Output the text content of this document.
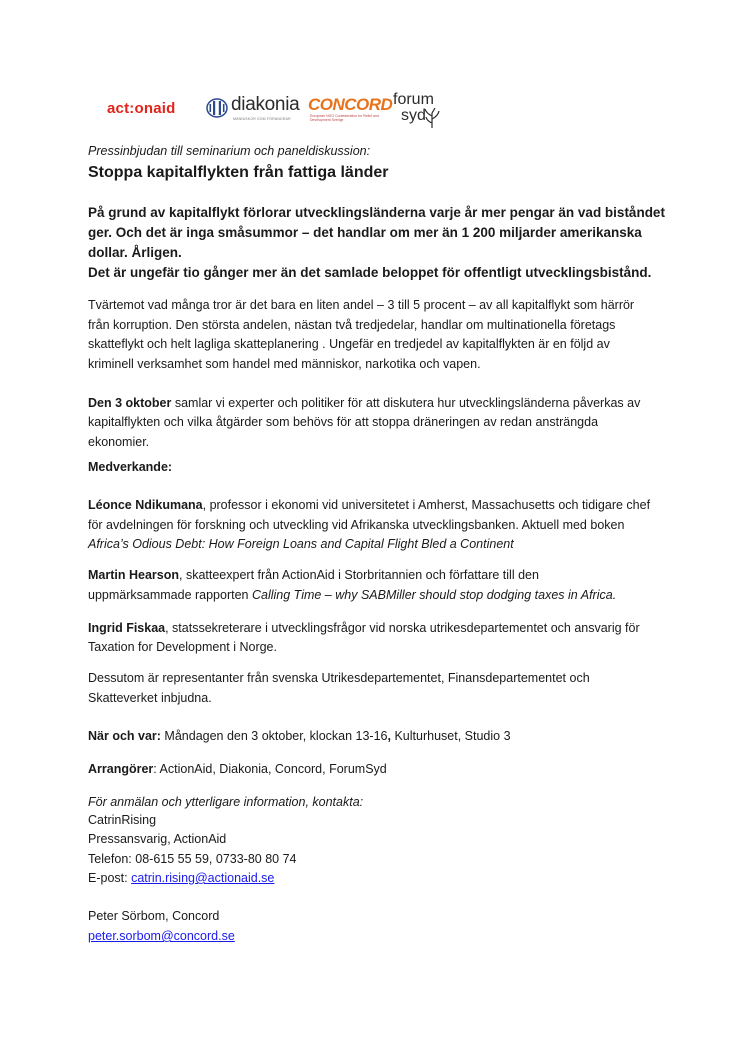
act:onaid	diakonia
MÄNNISKOR SOM FÖRÄNDRAR
CONCORD
European NGO Confederation for Relief and Development Sverige
forum
syd
Pressinbjudan till seminarium och paneldiskussion:
Stoppa kapitalflykten från fattiga länder
På grund av kapitalflykt förlorar utvecklingsländerna varje år mer pengar än vad biståndet
ger. Och det är inga småsummor – det handlar om mer än 1 200 miljarder amerikanska
dollar. Årligen.
Det är ungefär tio gånger mer än det samlade beloppet för offentligt utvecklingsbistånd.
Tvärtemot vad många tror är det bara en liten andel – 3 till 5 procent – av all kapitalflykt som härrör
från korruption. Den största andelen, nästan två tredjedelar, handlar om multinationella företags
skatteflykt och helt lagliga skatteplanering . Ungefär en tredjedel av kapitalflykten är en följd av
kriminell verksamhet som handel med människor, narkotika och vapen.
Den 3 oktober samlar vi experter och politiker för att diskutera hur utvecklingsländerna påverkas av
kapitalflykten och vilka åtgärder som behövs för att stoppa dräneringen av redan ansträngda
ekonomier.
Medverkande:
Léonce Ndikumana, professor i ekonomi vid universitetet i Amherst, Massachusetts och tidigare chef
för avdelningen för forskning och utveckling vid Afrikanska utvecklingsbanken. Aktuell med boken
Africa’s Odious Debt: How Foreign Loans and Capital Flight Bled a Continent
Martin Hearson, skatteexpert från ActionAid i Storbritannien och författare till den
uppmärksammade rapporten Calling Time – why SABMiller should stop dodging taxes in Africa.
Ingrid Fiskaa, statssekreterare i utvecklingsfrågor vid norska utrikesdepartementet och ansvarig för
Taxation for Development i Norge.
Dessutom är representanter från svenska Utrikesdepartementet, Finansdepartementet och
Skatteverket inbjudna.
När och var: Måndagen den 3 oktober, klockan 13-16, Kulturhuset, Studio 3
Arrangörer: ActionAid, Diakonia, Concord, ForumSyd
För anmälan och ytterligare information, kontakta:
CatrinRising
Pressansvarig, ActionAid
Telefon: 08-615 55 59, 0733-80 80 74
E-post: catrin.rising@actionaid.se
Peter Sörbom, Concord
peter.sorbom@concord.se
